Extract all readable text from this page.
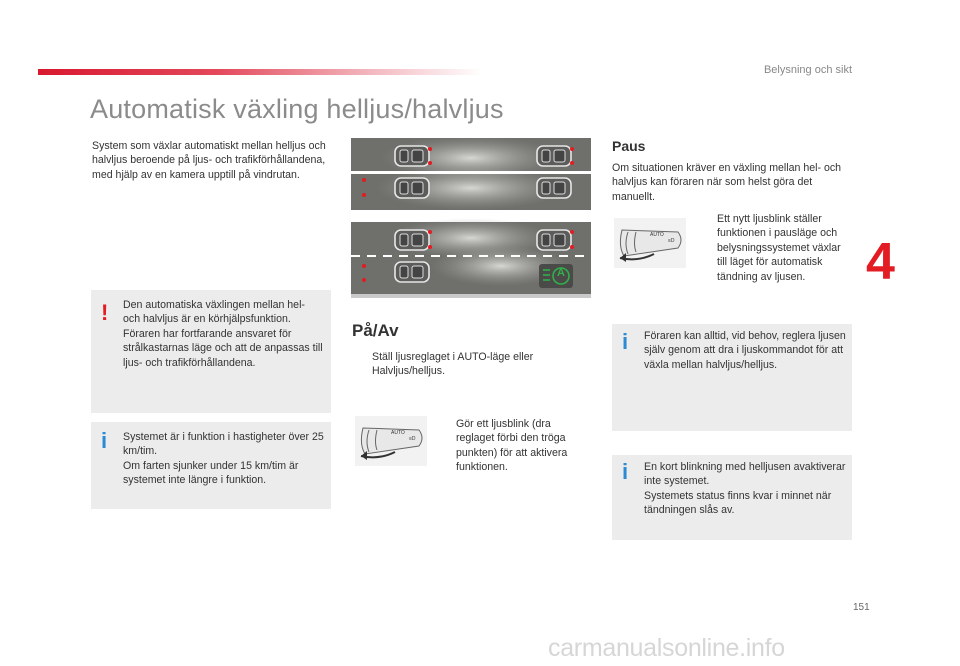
Belysning och sikt
Automatisk växling helljus/halvljus
4

System som växlar automatiskt mellan helljus och halvljus beroende på ljus- och trafikförhållandena, med hjälp av en kamera upptill på vindrutan.

! Den automatiska växlingen mellan hel- och halvljus är en körhjälpsfunktion. Föraren har fortfarande ansvaret för strålkastarnas läge och att de anpassas till ljus- och trafikförhållandena.

i Systemet är i funktion i hastigheter över 25 km/tim.

Om farten sjunker under 15 km/tim är systemet inte längre i funktion.

A
På/Av

Ställ ljusreglaget i AUTO-läge eller Halvljus/helljus.

AUTO
≡D

Gör ett ljusblink (dra reglaget förbi den tröga punkten) för att aktivera funktionen.

Paus

Om situationen kräver en växling mellan hel- och halvljus kan föraren när som helst göra det manuellt.

AUTO
≡D

Ett nytt ljusblink ställer funktionen i pausläge och belysningssystemet växlar till läget för automatisk tändning av ljusen.

i Föraren kan alltid, vid behov, reglera ljusen själv genom att dra i ljuskommandot för att växla mellan halvljus/helljus.

i En kort blinkning med helljusen avaktiverar inte systemet.

Systemets status finns kvar i minnet när tändningen slås av.

151
carmanualsonline.info
